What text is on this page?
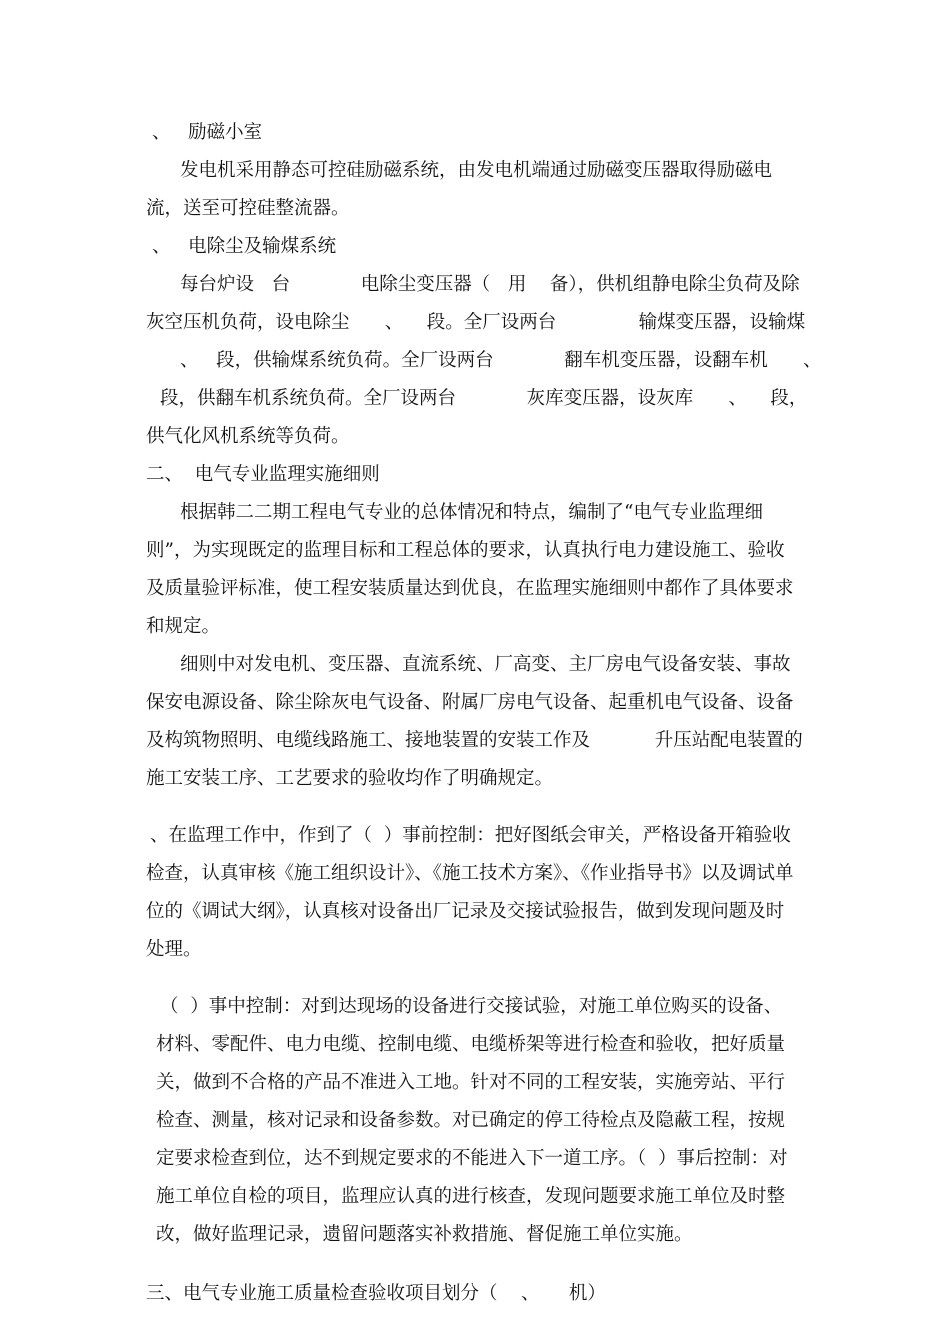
、   励磁小室
发电机采用静态可控硅励磁系统，由发电机端通过励磁变压器取得励磁电
流，送至可控硅整流器。
、   电除尘及输煤系统
每台炉设   台            电除尘变压器（   用    备），供机组静电除尘负荷及除
灰空压机负荷，设电除尘      、    段。全厂设两台              输煤变压器，设输煤
、   段，供输煤系统负荷。全厂设两台            翻车机变压器，设翻车机      、
段，供翻车机系统负荷。全厂设两台            灰库变压器，设灰库      、    段，
供气化风机系统等负荷。
二、  电气专业监理实施细则
根据韩二二期工程电气专业的总体情况和特点，编制了“电气专业监理细
则”，为实现既定的监理目标和工程总体的要求，认真执行电力建设施工、验收
及质量验评标准，使工程安装质量达到优良，在监理实施细则中都作了具体要求
和规定。
细则中对发电机、变压器、直流系统、厂高变、主厂房电气设备安装、事故
保安电源设备、除尘除灰电气设备、附属厂房电气设备、起重机电气设备、设备
及构筑物照明、电缆线路施工、接地装置的安装工作及           升压站配电装置的
施工安装工序、工艺要求的验收均作了明确规定。
、在监理工作中，作到了（  ）事前控制：把好图纸会审关，严格设备开箱验收
检查，认真审核《施工组织设计》、《施工技术方案》、《作业指导书》以及调试单
位的《调试大纲》，认真核对设备出厂记录及交接试验报告，做到发现问题及时
处理。
（  ）事中控制：对到达现场的设备进行交接试验，对施工单位购买的设备、
材料、零配件、电力电缆、控制电缆、电缆桥架等进行检查和验收，把好质量
关，做到不合格的产品不准进入工地。针对不同的工程安装，实施旁站、平行
检查、测量，核对记录和设备参数。对已确定的停工待检点及隐蔽工程，按规
定要求检查到位，达不到规定要求的不能进入下一道工序。（  ）事后控制：对
施工单位自检的项目，监理应认真的进行核查，发现问题要求施工单位及时整
改，做好监理记录，遗留问题落实补救措施、督促施工单位实施。
三、电气专业施工质量检查验收项目划分（    、     机）
